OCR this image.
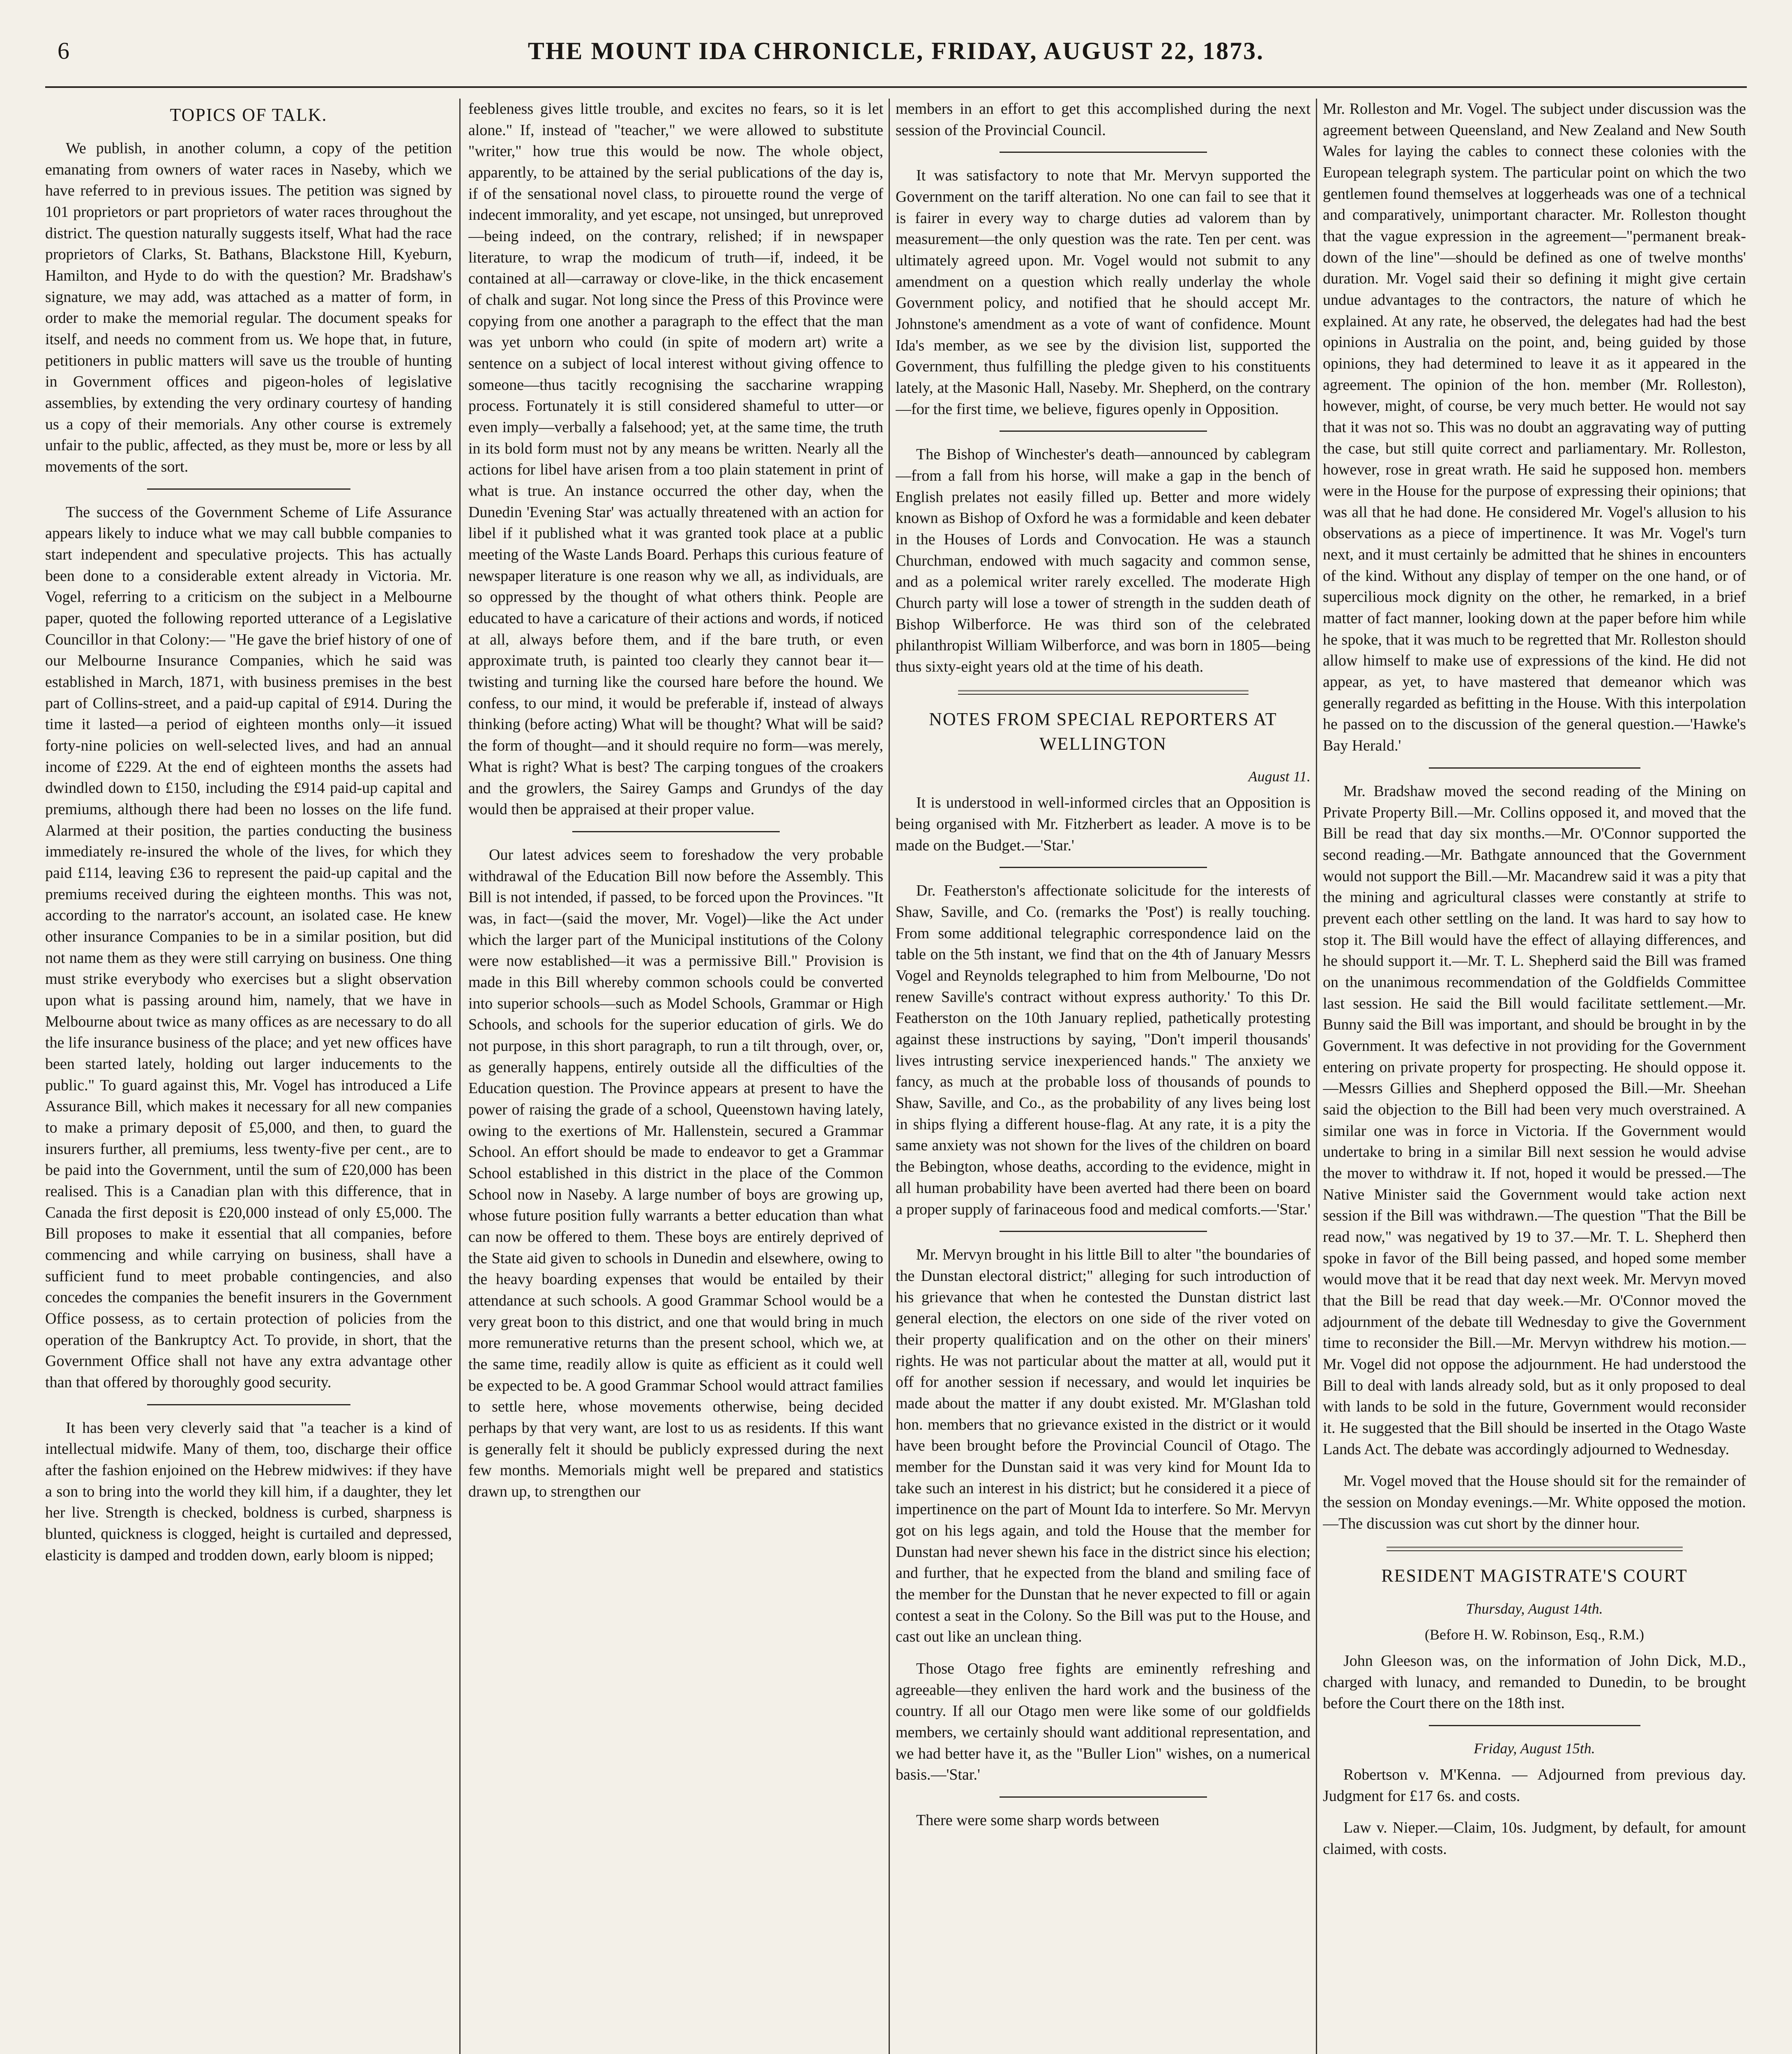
6	THE MOUNT IDA CHRONICLE, FRIDAY, AUGUST 22, 1873.
TOPICS OF TALK.

We publish, in another column, a copy of the petition emanating from owners of water races in Naseby, which we have referred to in previous issues. The petition was signed by 101 proprietors or part proprietors of water races throughout the district. The question naturally suggests itself, What had the race proprietors of Clarks, St. Bathans, Blackstone Hill, Kyeburn, Hamilton, and Hyde to do with the question? Mr. Bradshaw's signature, we may add, was attached as a matter of form, in order to make the memorial regular. The document speaks for itself, and needs no comment from us. We hope that, in future, petitioners in public matters will save us the trouble of hunting in Government offices and pigeon-holes of legislative assemblies, by extending the very ordinary courtesy of handing us a copy of their memorials. Any other course is extremely unfair to the public, affected, as they must be, more or less by all movements of the sort.

The success of the Government Scheme of Life Assurance appears likely to induce what we may call bubble companies to start independent and speculative projects. This has actually been done to a considerable extent already in Victoria. Mr. Vogel, referring to a criticism on the subject in a Melbourne paper, quoted the following reported utterance of a Legislative Councillor in that Colony:— "He gave the brief history of one of our Melbourne Insurance Companies, which he said was established in March, 1871, with business premises in the best part of Collins-street, and a paid-up capital of £914. During the time it lasted—a period of eighteen months only—it issued forty-nine policies on well-selected lives, and had an annual income of £229. At the end of eighteen months the assets had dwindled down to £150, including the £914 paid-up capital and premiums, although there had been no losses on the life fund. Alarmed at their position, the parties conducting the business immediately re-insured the whole of the lives, for which they paid £114, leaving £36 to represent the paid-up capital and the premiums received during the eighteen months. This was not, according to the narrator's account, an isolated case. He knew other insurance Companies to be in a similar position, but did not name them as they were still carrying on business. One thing must strike everybody who exercises but a slight observation upon what is passing around him, namely, that we have in Melbourne about twice as many offices as are necessary to do all the life insurance business of the place; and yet new offices have been started lately, holding out larger inducements to the public." To guard against this, Mr. Vogel has introduced a Life Assurance Bill, which makes it necessary for all new companies to make a primary deposit of £5,000, and then, to guard the insurers further, all premiums, less twenty-five per cent., are to be paid into the Government, until the sum of £20,000 has been realised. This is a Canadian plan with this difference, that in Canada the first deposit is £20,000 instead of only £5,000. The Bill proposes to make it essential that all companies, before commencing and while carrying on business, shall have a sufficient fund to meet probable contingencies, and also concedes the companies the benefit insurers in the Government Office possess, as to certain protection of policies from the operation of the Bankruptcy Act. To provide, in short, that the Government Office shall not have any extra advantage other than that offered by thoroughly good security.

It has been very cleverly said that "a teacher is a kind of intellectual midwife. Many of them, too, discharge their office after the fashion enjoined on the Hebrew midwives: if they have a son to bring into the world they kill him, if a daughter, they let her live. Strength is checked, boldness is curbed, sharpness is blunted, quickness is clogged, height is curtailed and depressed, elasticity is damped and trodden down, early bloom is nipped;

feebleness gives little trouble, and excites no fears, so it is let alone." If, instead of "teacher," we were allowed to substitute "writer," how true this would be now. The whole object, apparently, to be attained by the serial publications of the day is, if of the sensational novel class, to pirouette round the verge of indecent immorality, and yet escape, not unsinged, but unreproved—being indeed, on the contrary, relished; if in newspaper literature, to wrap the modicum of truth—if, indeed, it be contained at all—carraway or clove-like, in the thick encasement of chalk and sugar. Not long since the Press of this Province were copying from one another a paragraph to the effect that the man was yet unborn who could (in spite of modern art) write a sentence on a subject of local interest without giving offence to someone—thus tacitly recognising the saccharine wrapping process. Fortunately it is still considered shameful to utter—or even imply—verbally a falsehood; yet, at the same time, the truth in its bold form must not by any means be written. Nearly all the actions for libel have arisen from a too plain statement in print of what is true. An instance occurred the other day, when the Dunedin 'Evening Star' was actually threatened with an action for libel if it published what it was granted took place at a public meeting of the Waste Lands Board. Perhaps this curious feature of newspaper literature is one reason why we all, as individuals, are so oppressed by the thought of what others think. People are educated to have a caricature of their actions and words, if noticed at all, always before them, and if the bare truth, or even approximate truth, is painted too clearly they cannot bear it—twisting and turning like the coursed hare before the hound. We confess, to our mind, it would be preferable if, instead of always thinking (before acting) What will be thought? What will be said? the form of thought—and it should require no form—was merely, What is right? What is best? The carping tongues of the croakers and the growlers, the Sairey Gamps and Grundys of the day would then be appraised at their proper value.

Our latest advices seem to foreshadow the very probable withdrawal of the Education Bill now before the Assembly. This Bill is not intended, if passed, to be forced upon the Provinces. "It was, in fact—(said the mover, Mr. Vogel)—like the Act under which the larger part of the Municipal institutions of the Colony were now established—it was a permissive Bill." Provision is made in this Bill whereby common schools could be converted into superior schools—such as Model Schools, Grammar or High Schools, and schools for the superior education of girls. We do not purpose, in this short paragraph, to run a tilt through, over, or, as generally happens, entirely outside all the difficulties of the Education question. The Province appears at present to have the power of raising the grade of a school, Queenstown having lately, owing to the exertions of Mr. Hallenstein, secured a Grammar School. An effort should be made to endeavor to get a Grammar School established in this district in the place of the Common School now in Naseby. A large number of boys are growing up, whose future position fully warrants a better education than what can now be offered to them. These boys are entirely deprived of the State aid given to schools in Dunedin and elsewhere, owing to the heavy boarding expenses that would be entailed by their attendance at such schools. A good Grammar School would be a very great boon to this district, and one that would bring in much more remunerative returns than the present school, which we, at the same time, readily allow is quite as efficient as it could well be expected to be. A good Grammar School would attract families to settle here, whose movements otherwise, being decided perhaps by that very want, are lost to us as residents. If this want is generally felt it should be publicly expressed during the next few months. Memorials might well be prepared and statistics drawn up, to strengthen our

members in an effort to get this accomplished during the next session of the Provincial Council.

It was satisfactory to note that Mr. Mervyn supported the Government on the tariff alteration. No one can fail to see that it is fairer in every way to charge duties ad valorem than by measurement—the only question was the rate. Ten per cent. was ultimately agreed upon. Mr. Vogel would not submit to any amendment on a question which really underlay the whole Government policy, and notified that he should accept Mr. Johnstone's amendment as a vote of want of confidence. Mount Ida's member, as we see by the division list, supported the Government, thus fulfilling the pledge given to his constituents lately, at the Masonic Hall, Naseby. Mr. Shepherd, on the contrary—for the first time, we believe, figures openly in Opposition.

The Bishop of Winchester's death—announced by cablegram—from a fall from his horse, will make a gap in the bench of English prelates not easily filled up. Better and more widely known as Bishop of Oxford he was a formidable and keen debater in the Houses of Lords and Convocation. He was a staunch Churchman, endowed with much sagacity and common sense, and as a polemical writer rarely excelled. The moderate High Church party will lose a tower of strength in the sudden death of Bishop Wilberforce. He was third son of the celebrated philanthropist William Wilberforce, and was born in 1805—being thus sixty-eight years old at the time of his death.

NOTES FROM SPECIAL REPORTERS AT WELLINGTON
August 11.

It is understood in well-informed circles that an Opposition is being organised with Mr. Fitzherbert as leader. A move is to be made on the Budget.—'Star.'

Dr. Featherston's affectionate solicitude for the interests of Shaw, Saville, and Co. (remarks the 'Post') is really touching. From some additional telegraphic correspondence laid on the table on the 5th instant, we find that on the 4th of January Messrs Vogel and Reynolds telegraphed to him from Melbourne, 'Do not renew Saville's contract without express authority.' To this Dr. Featherston on the 10th January replied, pathetically protesting against these instructions by saying, "Don't imperil thousands' lives intrusting service inexperienced hands." The anxiety we fancy, as much at the probable loss of thousands of pounds to Shaw, Saville, and Co., as the probability of any lives being lost in ships flying a different house-flag. At any rate, it is a pity the same anxiety was not shown for the lives of the children on board the Bebington, whose deaths, according to the evidence, might in all human probability have been averted had there been on board a proper supply of farinaceous food and medical comforts.—'Star.'

Mr. Mervyn brought in his little Bill to alter "the boundaries of the Dunstan electoral district;" alleging for such introduction of his grievance that when he contested the Dunstan district last general election, the electors on one side of the river voted on their property qualification and on the other on their miners' rights. He was not particular about the matter at all, would put it off for another session if necessary, and would let inquiries be made about the matter if any doubt existed. Mr. M'Glashan told hon. members that no grievance existed in the district or it would have been brought before the Provincial Council of Otago. The member for the Dunstan said it was very kind for Mount Ida to take such an interest in his district; but he considered it a piece of impertinence on the part of Mount Ida to interfere. So Mr. Mervyn got on his legs again, and told the House that the member for Dunstan had never shewn his face in the district since his election; and further, that he expected from the bland and smiling face of the member for the Dunstan that he never expected to fill or again contest a seat in the Colony. So the Bill was put to the House, and cast out like an unclean thing.

Those Otago free fights are eminently refreshing and agreeable—they enliven the hard work and the business of the country. If all our Otago men were like some of our goldfields members, we certainly should want additional representation, and we had better have it, as the "Buller Lion" wishes, on a numerical basis.—'Star.'

There were some sharp words between

Mr. Rolleston and Mr. Vogel. The subject under discussion was the agreement between Queensland, and New Zealand and New South Wales for laying the cables to connect these colonies with the European telegraph system. The particular point on which the two gentlemen found themselves at loggerheads was one of a technical and comparatively, unimportant character. Mr. Rolleston thought that the vague expression in the agreement—"permanent break-down of the line"—should be defined as one of twelve months' duration. Mr. Vogel said their so defining it might give certain undue advantages to the contractors, the nature of which he explained. At any rate, he observed, the delegates had had the best opinions in Australia on the point, and, being guided by those opinions, they had determined to leave it as it appeared in the agreement. The opinion of the hon. member (Mr. Rolleston), however, might, of course, be very much better. He would not say that it was not so. This was no doubt an aggravating way of putting the case, but still quite correct and parliamentary. Mr. Rolleston, however, rose in great wrath. He said he supposed hon. members were in the House for the purpose of expressing their opinions; that was all that he had done. He considered Mr. Vogel's allusion to his observations as a piece of impertinence. It was Mr. Vogel's turn next, and it must certainly be admitted that he shines in encounters of the kind. Without any display of temper on the one hand, or of supercilious mock dignity on the other, he remarked, in a brief matter of fact manner, looking down at the paper before him while he spoke, that it was much to be regretted that Mr. Rolleston should allow himself to make use of expressions of the kind. He did not appear, as yet, to have mastered that demeanor which was generally regarded as befitting in the House. With this interpolation he passed on to the discussion of the general question.—'Hawke's Bay Herald.'

Mr. Bradshaw moved the second reading of the Mining on Private Property Bill.—Mr. Collins opposed it, and moved that the Bill be read that day six months.—Mr. O'Connor supported the second reading.—Mr. Bathgate announced that the Government would not support the Bill.—Mr. Macandrew said it was a pity that the mining and agricultural classes were constantly at strife to prevent each other settling on the land. It was hard to say how to stop it. The Bill would have the effect of allaying differences, and he should support it.—Mr. T. L. Shepherd said the Bill was framed on the unanimous recommendation of the Goldfields Committee last session. He said the Bill would facilitate settlement.—Mr. Bunny said the Bill was important, and should be brought in by the Government. It was defective in not providing for the Government entering on private property for prospecting. He should oppose it.—Messrs Gillies and Shepherd opposed the Bill.—Mr. Sheehan said the objection to the Bill had been very much overstrained. A similar one was in force in Victoria. If the Government would undertake to bring in a similar Bill next session he would advise the mover to withdraw it. If not, hoped it would be pressed.—The Native Minister said the Government would take action next session if the Bill was withdrawn.—The question "That the Bill be read now," was negatived by 19 to 37.—Mr. T. L. Shepherd then spoke in favor of the Bill being passed, and hoped some member would move that it be read that day next week. Mr. Mervyn moved that the Bill be read that day week.—Mr. O'Connor moved the adjournment of the debate till Wednesday to give the Government time to reconsider the Bill.—Mr. Mervyn withdrew his motion.—Mr. Vogel did not oppose the adjournment. He had understood the Bill to deal with lands already sold, but as it only proposed to deal with lands to be sold in the future, Government would reconsider it. He suggested that the Bill should be inserted in the Otago Waste Lands Act. The debate was accordingly adjourned to Wednesday.

Mr. Vogel moved that the House should sit for the remainder of the session on Monday evenings.—Mr. White opposed the motion.—The discussion was cut short by the dinner hour.

RESIDENT MAGISTRATE'S COURT
Thursday, August 14th.
(Before H. W. Robinson, Esq., R.M.)

John Gleeson was, on the information of John Dick, M.D., charged with lunacy, and remanded to Dunedin, to be brought before the Court there on the 18th inst.

Friday, August 15th.

Robertson v. M'Kenna. — Adjourned from previous day. Judgment for £17 6s. and costs.

Law v. Nieper.—Claim, 10s. Judgment, by default, for amount claimed, with costs.
